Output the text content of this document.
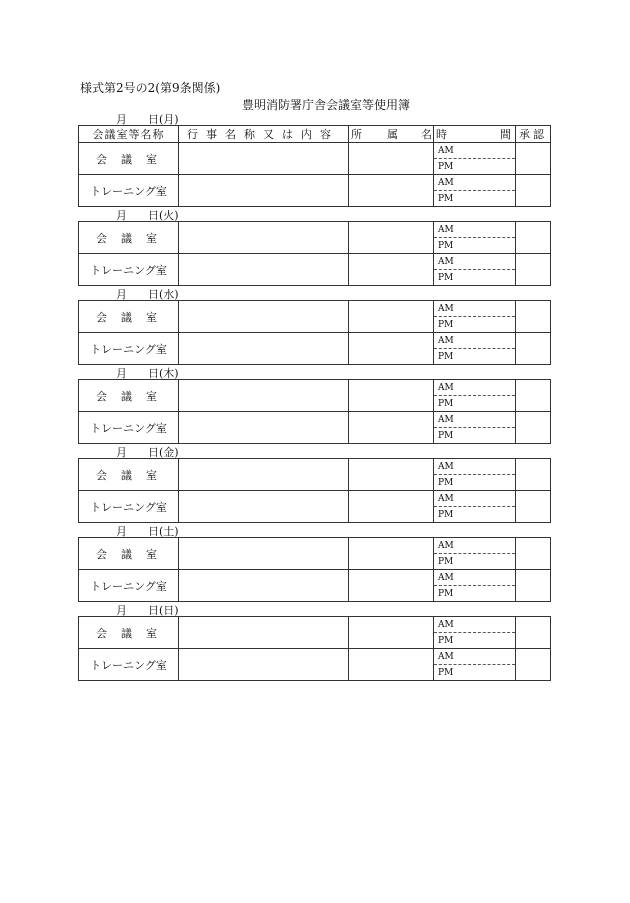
様式第2号の2(第9条関係)
豊明消防署庁舎会議室等使用簿
月 日(月)
会議室等名称	行事名称又は内容	所 属 名	時 間	承認
会議室			AM	
			PM	
トレーニング室			AM	
			PM	
月 日(火)
会議室			AM	
			PM	
トレーニング室			AM	
			PM	
月 日(水)
会議室			AM	
			PM	
トレーニング室			AM	
			PM	
月 日(木)
会議室			AM	
			PM	
トレーニング室			AM	
			PM	
月 日(金)
会議室			AM	
			PM	
トレーニング室			AM	
			PM	
月 日(土)
会議室			AM	
			PM	
トレーニング室			AM	
			PM	
月 日(日)
会議室			AM	
			PM	
トレーニング室			AM	
			PM	
